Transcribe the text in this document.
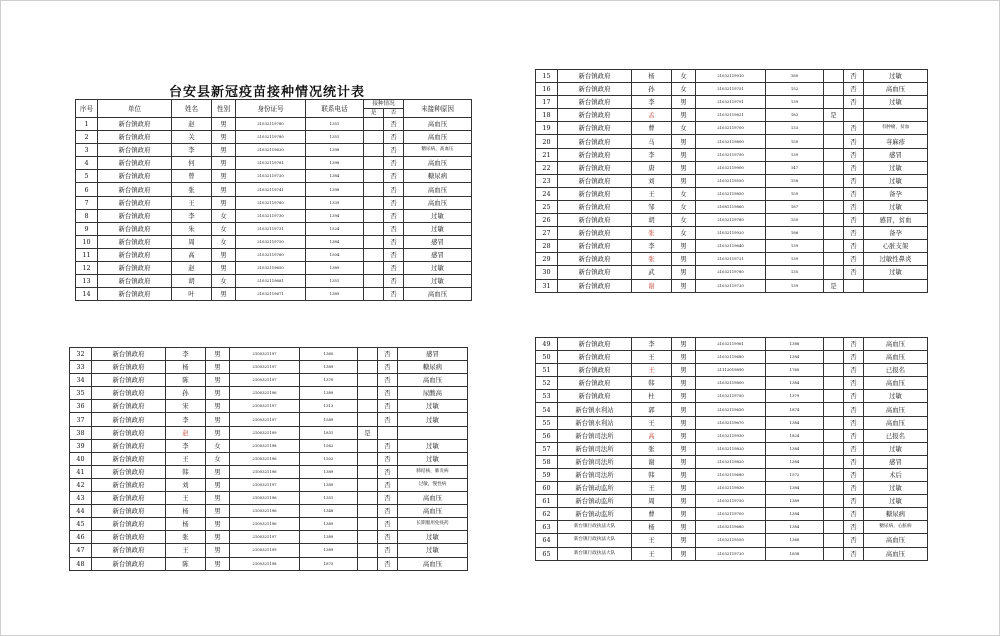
台安县新冠疫苗接种情况统计表
序号	单位	姓名	性别	身份证号	联系电话	接种情况		未接种原因
						是	否	
1	新台镇政府	赵	男	21032119780	1351		否	高血压
2	新台镇政府	关	男	21032119780	1351		否	高血压
3	新台镇政府	李	男	21032119620	1398		否	糖尿病，高血压
4	新台镇政府	何	男	21032119781	1398		否	高血压
5	新台镇政府	曾	男	21032119720	1384		否	糖尿病
6	新台镇政府	张	男	21032119741	1398		否	高血压
7	新台镇政府	王	男	21032119780	1339		否	高血压
8	新台镇政府	李	女	21032119730	1394		否	过敏
9	新台镇政府	朱	女	21032119731	1524		否	过敏
10	新台镇政府	周	女	21032119750	1384		否	感冒
11	新台镇政府	高	男	21032119780	1504		否	感冒
12	新台镇政府	赵	男	21032119650	1389		否	过敏
13	新台镇政府	胡	女	21032119681	1351		否	过敏
14	新台镇政府	叶	男	21032119671	1389		否	高血压
15	新台镇政府	杨	女	21032119910	180		否	过敏
16	新台镇政府	孙	女	21032119751	152		否	高血压
17	新台镇政府	李	男	21032119791	139		否	过敏
18	新台镇政府	孟	男	21032119821	183	是		
19	新台镇政府	曹	女	21032119700	133		否	有肿瘤，贫血
20	新台镇政府	马	男	21032119800	150		否	荨麻疹
21	新台镇政府	李	男	21032119790	139		否	感冒
22	新台镇政府	唐	男	21032119900	147		否	过敏
23	新台镇政府	刘	男	21032119550	158		否	过敏
24	新台镇政府	王	女	21032119850	159		否	备孕
25	新台镇政府	邹	女	21081119860	187		否	过敏
26	新台镇政府	胡	女	21032119780	150		否	感冒，贫血
27	新台镇政府	张	女	21032119920	186		否	备孕
28	新台镇政府	李	男	21032119640	139		否	心脏支架
29	新台镇政府	张	男	21032119721	139		否	过敏性鼻炎
30	新台镇政府	武	男	21032119780	135		否	过敏
31	新台镇政府	谢	男	21032119720	139	是		
32	新台镇政府	李	男	2100321197	1360		否	感冒
33	新台镇政府	杨	男	2100321197	1389		否	糖尿病
34	新台镇政府	陈	男	2100321197	1370		否	高血压
35	新台镇政府	孙	男	2100321196	1389		否	尿酸高
36	新台镇政府	宋	男	2100321197	1313		否	过敏
37	新台镇政府	李	男	2100321197	1589		否	过敏
38	新台镇政府	赵	男	2100321199	1831	是		
39	新台镇政府	李	女	2100321198	1562		否	过敏
40	新台镇政府	王	女	2100321196	1502		否	过敏
41	新台镇政府	韩	男	2100321196	1389		否	肺结核，肺炎病
42	新台镇政府	刘	男	2100321197	1389		否	过敏，慢性病
43	新台镇政府	王	男	2100321196	1351		否	高血压
44	新台镇政府	杨	男	2100321196	1348		否	高血压
45	新台镇政府	杨	男	2100321196	1389		否	长期服用免疫药
46	新台镇政府	张	男	2100321197	1389		否	过敏
47	新台镇政府	王	男	2100321199	1389		否	过敏
48	新台镇政府	陈	男	2100321198	1875		否	高血压
49	新台镇政府	李	男	21032119961	1388		否	高血压
50	新台镇政府	王	男	21032119680	1384		否	高血压
51	新台镇政府	王	男	21112019890	1760		否	已报名
52	新台镇政府	韩	男	21032119800	1384		否	高血压
53	新台镇政府	杜	男	21032119750	1379		否	过敏
54	新台镇水利站	郭	男	21032119650	1874		否	高血压
55	新台镇水利站	王	男	21032119670	1384		否	高血压
56	新台镇司法所	高	男	21032119930	1824		否	已报名
57	新台镇司法所	张	男	21032119820	1384		否	过敏
58	新台镇司法所	谢	男	21032119820	1384		否	感冒
59	新台镇司法所	韩	男	21032119680	1572		否	术后
60	新台镇动监所	王	男	21032119830	1384		否	过敏
61	新台镇动监所	周	男	21032119750	1389		否	过敏
62	新台镇动监所	曹	男	21032119700	1384		否	糖尿病
63	新台镇行政执法大队	杨	男	21032119680	1384		否	糖尿病，心脏病
64	新台镇行政执法大队	王	男	21032119550	1368		否	高血压
65	新台镇行政执法大队	王	男	21032119720	1838		否	高血压
